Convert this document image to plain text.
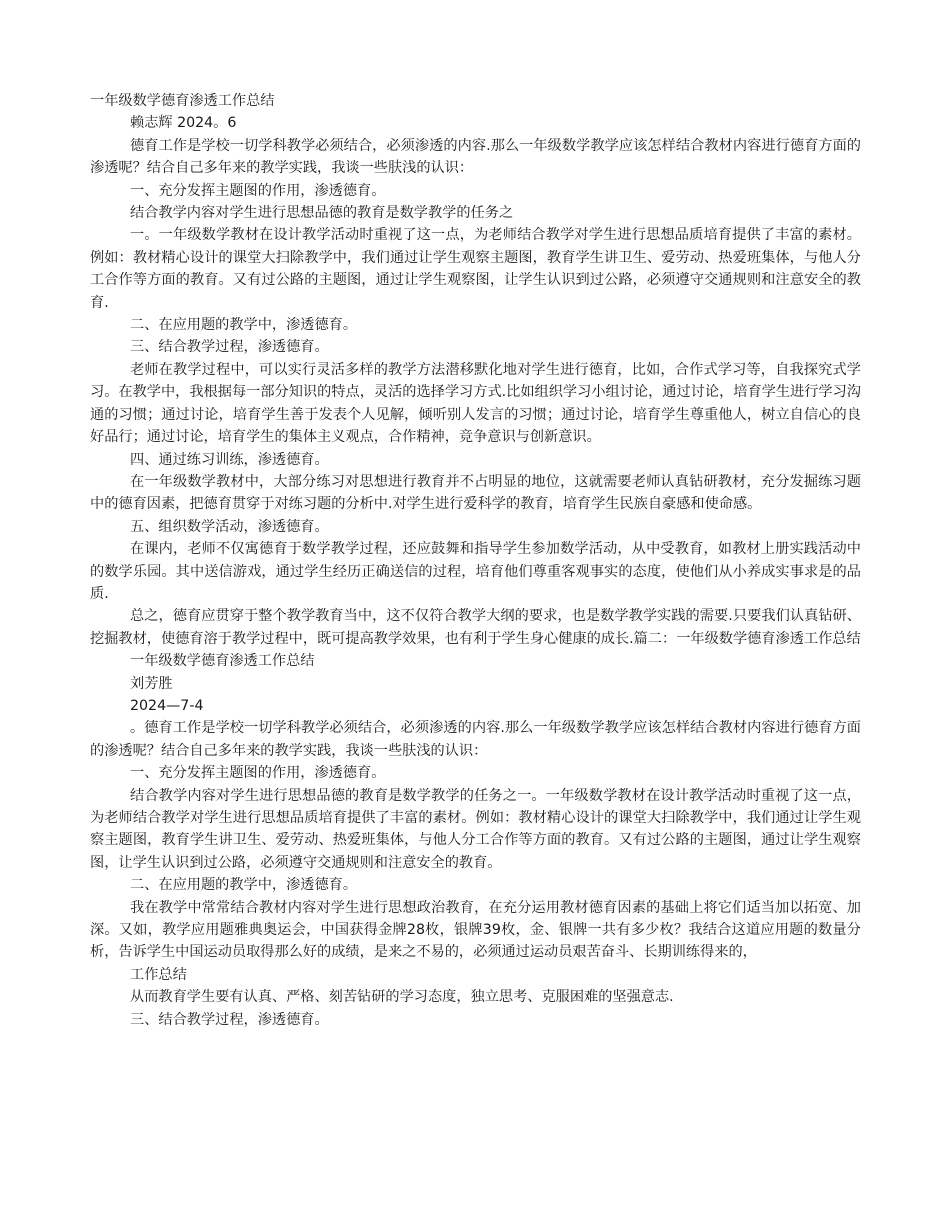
一年级数学德育渗透工作总结

赖志辉 2024。6

德育工作是学校一切学科教学必须结合，必须渗透的内容.那么一年级数学教学应该怎样结合教材内容进行德育方面的渗透呢？结合自己多年来的教学实践，我谈一些肤浅的认识：

一、充分发挥主题图的作用，渗透德育。

结合教学内容对学生进行思想品德的教育是数学教学的任务之

一。一年级数学教材在设计教学活动时重视了这一点，为老师结合教学对学生进行思想品质培育提供了丰富的素材。例如：教材精心设计的课堂大扫除教学中，我们通过让学生观察主题图，教育学生讲卫生、爱劳动、热爱班集体，与他人分工合作等方面的教育。又有过公路的主题图，通过让学生观察图，让学生认识到过公路，必须遵守交通规则和注意安全的教育.

二、在应用题的教学中，渗透德育。

三、结合教学过程，渗透德育。

老师在教学过程中，可以实行灵活多样的教学方法潜移默化地对学生进行德育，比如，合作式学习等，自我探究式学习。在教学中，我根据每一部分知识的特点，灵活的选择学习方式.比如组织学习小组讨论，通过讨论，培育学生进行学习沟通的习惯；通过讨论，培育学生善于发表个人见解，倾听别人发言的习惯；通过讨论，培育学生尊重他人，树立自信心的良好品行；通过讨论，培育学生的集体主义观点，合作精神，竞争意识与创新意识。

四、通过练习训练，渗透德育。

在一年级数学教材中，大部分练习对思想进行教育并不占明显的地位，这就需要老师认真钻研教材，充分发掘练习题中的德育因素，把德育贯穿于对练习题的分析中.对学生进行爱科学的教育，培育学生民族自豪感和使命感。

五、组织数学活动，渗透德育。

在课内，老师不仅寓德育于数学教学过程，还应鼓舞和指导学生参加数学活动，从中受教育，如教材上册实践活动中的数学乐园。其中送信游戏，通过学生经历正确送信的过程，培育他们尊重客观事实的态度，使他们从小养成实事求是的品质.

总之，德育应贯穿于整个教学教育当中，这不仅符合教学大纲的要求，也是数学教学实践的需要.只要我们认真钻研、挖掘教材，使德育溶于教学过程中，既可提高教学效果，也有利于学生身心健康的成长.篇二：一年级数学德育渗透工作总结

一年级数学德育渗透工作总结

刘芳胜

2024—7-4

。德育工作是学校一切学科教学必须结合，必须渗透的内容.那么一年级数学教学应该怎样结合教材内容进行德育方面的渗透呢？结合自己多年来的教学实践，我谈一些肤浅的认识：

一、充分发挥主题图的作用，渗透德育。

结合教学内容对学生进行思想品德的教育是数学教学的任务之一。一年级数学教材在设计教学活动时重视了这一点，为老师结合教学对学生进行思想品质培育提供了丰富的素材。例如：教材精心设计的课堂大扫除教学中，我们通过让学生观察主题图，教育学生讲卫生、爱劳动、热爱班集体，与他人分工合作等方面的教育。又有过公路的主题图，通过让学生观察图，让学生认识到过公路，必须遵守交通规则和注意安全的教育。

二、在应用题的教学中，渗透德育。

我在教学中常常结合教材内容对学生进行思想政治教育，在充分运用教材德育因素的基础上将它们适当加以拓宽、加深。又如，教学应用题雅典奥运会，中国获得金牌28枚，银牌39枚，金、银牌一共有多少枚？我结合这道应用题的数量分析，告诉学生中国运动员取得那么好的成绩，是来之不易的，必须通过运动员艰苦奋斗、长期训练得来的，

工作总结

从而教育学生要有认真、严格、刻苦钻研的学习态度，独立思考、克服困难的坚强意志.

三、结合教学过程，渗透德育。
